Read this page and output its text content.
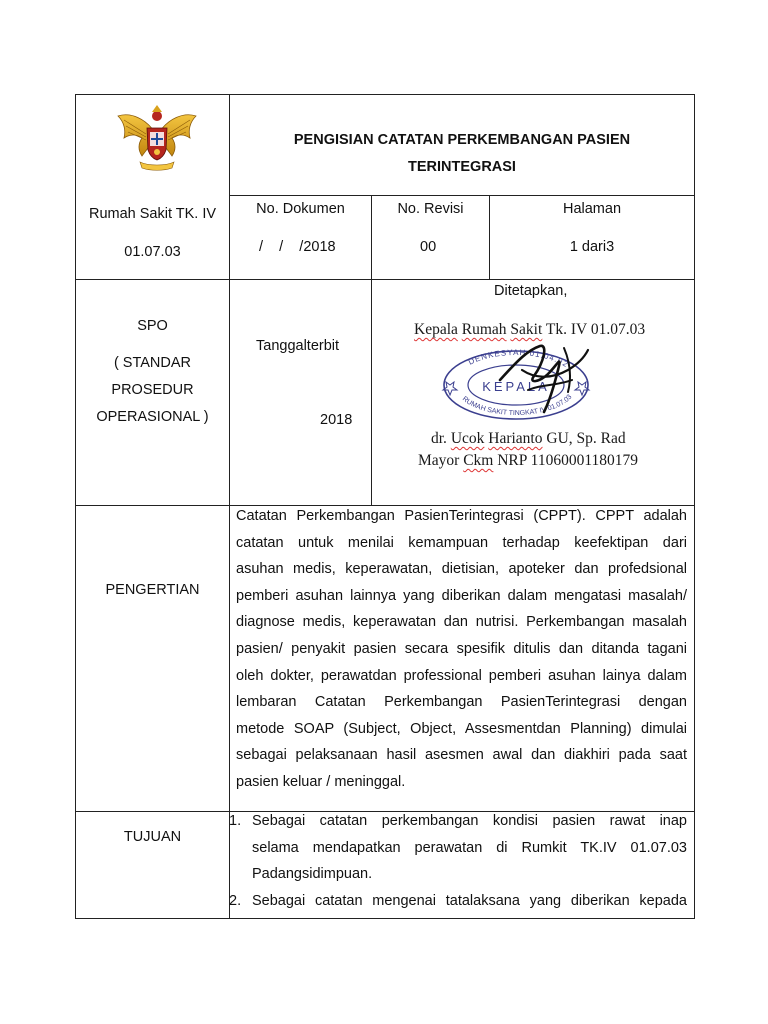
PENGISIAN CATATAN PERKEMBANGAN PASIEN
TERINTEGRASI
Rumah Sakit TK. IV
01.07.03
No. Dokumen
/    /    /2018
No. Revisi
00
Halaman
1 dari3
SPO
( STANDAR
PROSEDUR
OPERASIONAL )
Tanggalterbit
2018
Ditetapkan,
Kepala Rumah Sakit Tk. IV 01.07.03
DENKESYAH 01.04.02
RUMAH SAKIT TINGKAT IV 01.07.03
KEPALA
dr. Ucok Harianto GU, Sp. Rad
Mayor Ckm NRP 11060001180179
PENGERTIAN

Catatan Perkembangan PasienTerintegrasi (CPPT). CPPT adalah

catatan untuk menilai kemampuan terhadap keefektipan dari

asuhan medis, keperawatan, dietisian, apoteker dan profedsional

pemberi asuhan lainnya yang diberikan dalam mengatasi masalah/

diagnose medis, keperawatan dan nutrisi. Perkembangan masalah

pasien/ penyakit pasien secara spesifik ditulis dan ditanda tagani

oleh dokter, perawatdan professional pemberi asuhan lainya dalam

lembaran Catatan Perkembangan PasienTerintegrasi dengan

metode SOAP (Subject, Object, Assesmentdan Planning) dimulai

sebagai pelaksanaan hasil asesmen awal dan diakhiri pada saat

pasien keluar / meninggal.

TUJUAN
1. Sebagai catatan perkembangan kondisi pasien rawat inap

selama mendapatkan perawatan di Rumkit TK.IV 01.07.03

Padangsidimpuan.

2. Sebagai catatan mengenai tatalaksana yang diberikan kepada
